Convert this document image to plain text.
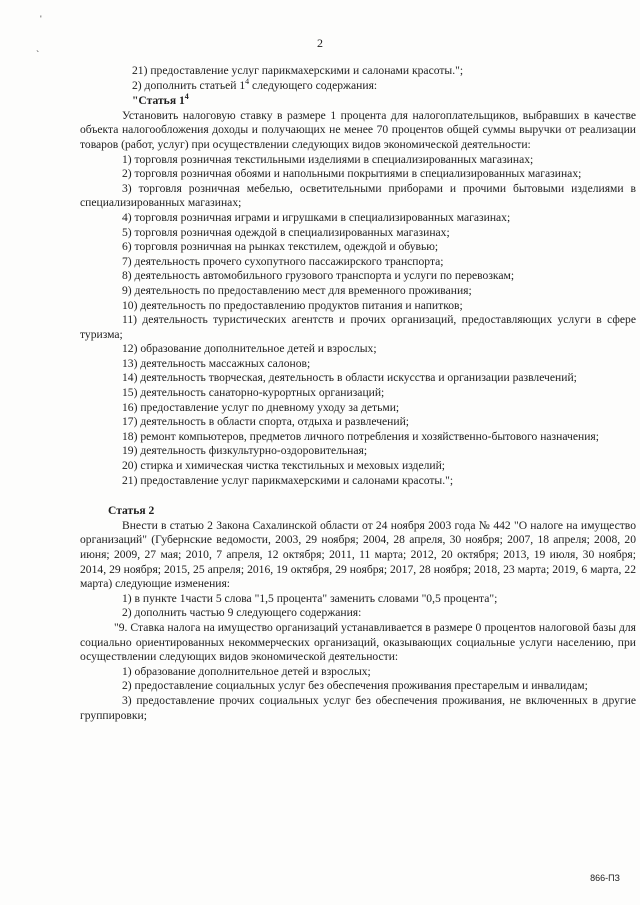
'
`
2

21) предоставление услуг парикмахерскими и салонами красоты.";

2) дополнить статьей $1^4$ следующего содержания:

"Статья $1^4$

Установить налоговую ставку в размере 1 процента для налогоплательщиков, выбравших в качестве объекта налогообложения доходы и получающих не менее 70 процентов общей суммы выручки от реализации товаров (работ, услуг) при осуществлении следующих видов экономической деятельности:

1) торговля розничная текстильными изделиями в специализированных магазинах;

2) торговля розничная обоями и напольными покрытиями в специализированных магазинах;

3) торговля розничная мебелью, осветительными приборами и прочими бытовыми изделиями в специализированных магазинах;

4) торговля розничная играми и игрушками в специализированных магазинах;

5) торговля розничная одеждой в специализированных магазинах;

6) торговля розничная на рынках текстилем, одеждой и обувью;

7) деятельность прочего сухопутного пассажирского транспорта;

8) деятельность автомобильного грузового транспорта и услуги по перевозкам;

9) деятельность по предоставлению мест для временного проживания;

10) деятельность по предоставлению продуктов питания и напитков;

11) деятельность туристических агентств и прочих организаций, предоставляющих услуги в сфере туризма;

12) образование дополнительное детей и взрослых;

13) деятельность массажных салонов;

14) деятельность творческая, деятельность в области искусства и организации развлечений;

15) деятельность санаторно-курортных организаций;

16) предоставление услуг по дневному уходу за детьми;

17) деятельность в области спорта, отдыха и развлечений;

18) ремонт компьютеров, предметов личного потребления и хозяйственно-бытового назначения;

19) деятельность физкультурно-оздоровительная;

20) стирка и химическая чистка текстильных и меховых изделий;

21) предоставление услуг парикмахерскими и салонами красоты.";

Статья 2

Внести в статью 2 Закона Сахалинской области от 24 ноября 2003 года № 442 "О налоге на имущество организаций" (Губернские ведомости, 2003, 29 ноября; 2004, 28 апреля, 30 ноября; 2007, 18 апреля; 2008, 20 июня; 2009, 27 мая; 2010, 7 апреля, 12 октября; 2011, 11 марта; 2012, 20 октября; 2013, 19 июля, 30 ноября; 2014, 29 ноября; 2015, 25 апреля; 2016, 19 октября, 29 ноября; 2017, 28 ноября; 2018, 23 марта; 2019, 6 марта, 22 марта) следующие изменения:

1) в пункте 1части 5 слова "1,5 процента" заменить словами "0,5 процента";

2) дополнить частью 9 следующего содержания:

"9. Ставка налога на имущество организаций устанавливается в размере 0 процентов налоговой базы для социально ориентированных некоммерческих организаций, оказывающих социальные услуги населению, при осуществлении следующих видов экономической деятельности:

1) образование дополнительное детей и взрослых;

2) предоставление социальных услуг без обеспечения проживания престарелым и инвалидам;

3) предоставление прочих социальных услуг без обеспечения проживания, не включенных в другие группировки;

866-ПЗ
